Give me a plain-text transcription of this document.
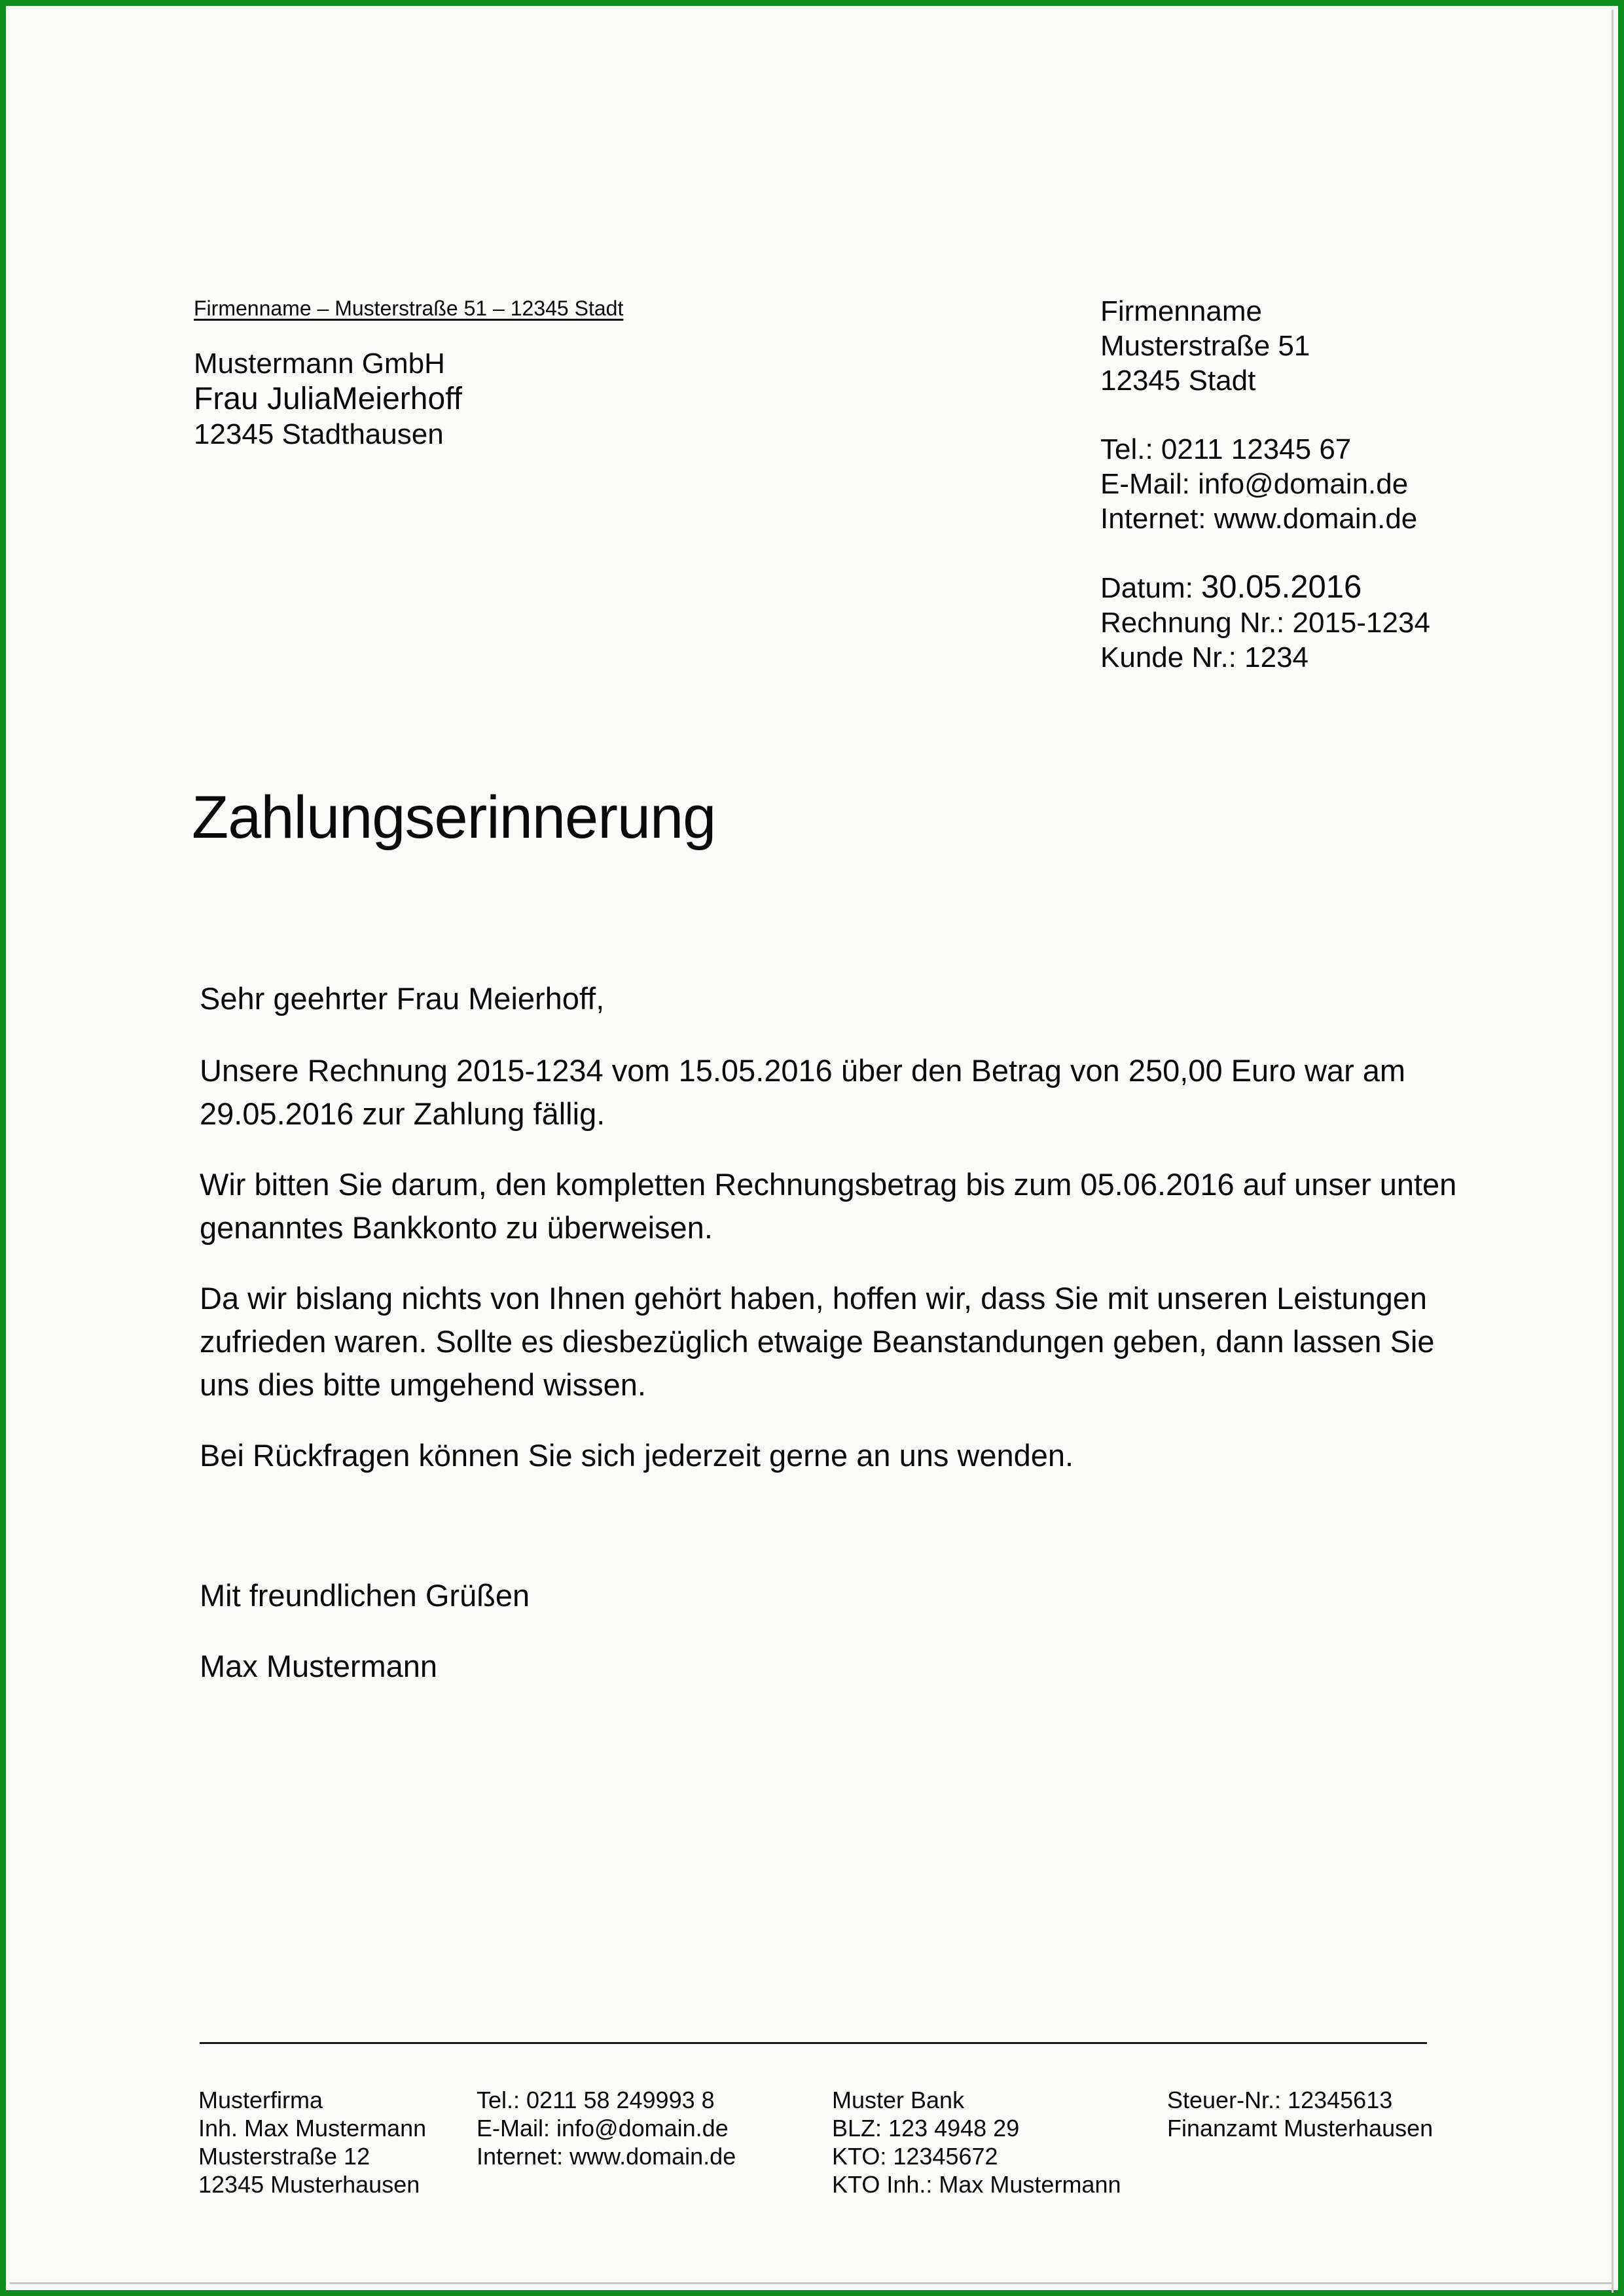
Firmenname – Musterstraße 51 – 12345 Stadt
Mustermann GmbH
Frau JuliaMeierhoff
12345 Stadthausen
Firmenname
Musterstraße 51
12345 Stadt
Tel.: 0211 12345 67
E-Mail: info@domain.de
Internet: www.domain.de
Datum: 30.05.2016
Rechnung Nr.: 2015-1234
Kunde Nr.: 1234
Zahlungserinnerung

Sehr geehrter Frau Meierhoff,

Unsere Rechnung 2015-1234 vom 15.05.2016 über den Betrag von 250,00 Euro war am 29.05.2016 zur Zahlung fällig.

Wir bitten Sie darum, den kompletten Rechnungsbetrag bis zum 05.06.2016 auf unser unten genanntes Bankkonto zu überweisen.

Da wir bislang nichts von Ihnen gehört haben, hoffen wir, dass Sie mit unseren Leistungen zufrieden waren. Sollte es diesbezüglich etwaige Beanstandungen geben, dann lassen Sie uns dies bitte umgehend wissen.

Bei Rückfragen können Sie sich jederzeit gerne an uns wenden.

Mit freundlichen Grüßen

Max Mustermann

Musterfirma
Inh. Max Mustermann
Musterstraße 12
12345 Musterhausen
Tel.: 0211 58 249993 8
E-Mail: info@domain.de
Internet: www.domain.de
Muster Bank
BLZ: 123 4948 29
KTO: 12345672
KTO Inh.: Max Mustermann
Steuer-Nr.: 12345613
Finanzamt Musterhausen
